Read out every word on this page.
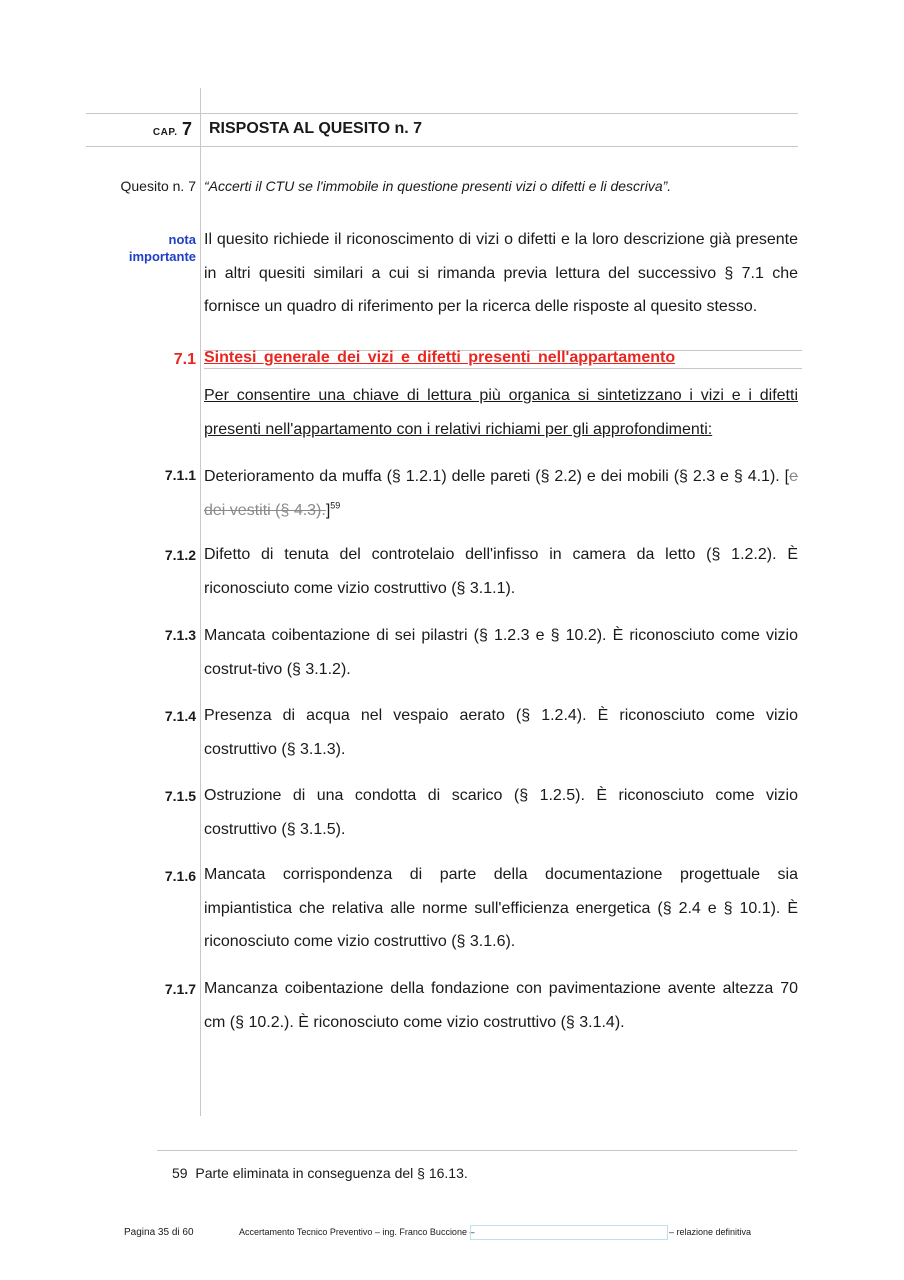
CAP. 7 RISPOSTA AL QUESITO n. 7
Quesito n. 7 “Accerti il CTU se l'immobile in questione presenti vizi o difetti e li descriva”.
nota
importante
Il quesito richiede il riconoscimento di vizi o difetti e la loro descrizione già presente in altri quesiti similari a cui si rimanda previa lettura del successivo § 7.1 che fornisce un quadro di riferimento per la ricerca delle risposte al quesito stesso.
7.1 Sintesi generale dei vizi e difetti presenti nell'appartamento
Per consentire una chiave di lettura più organica si sintetizzano i vizi e i difetti presenti nell'appartamento con i relativi richiami per gli approfondimenti:
7.1.1 Deterioramento da muffa (§ 1.2.1) delle pareti (§ 2.2) e dei mobili (§ 2.3 e § 4.1). [e dei vestiti (§ 4.3).]$^{59}$
7.1.2 Difetto di tenuta del controtelaio dell'infisso in camera da letto (§ 1.2.2). È riconosciuto come vizio costruttivo (§ 3.1.1).
7.1.3 Mancata coibentazione di sei pilastri (§ 1.2.3 e § 10.2). È riconosciuto come vizio costrut-tivo (§ 3.1.2).
7.1.4 Presenza di acqua nel vespaio aerato (§ 1.2.4). È riconosciuto come vizio costruttivo (§ 3.1.3).
7.1.5 Ostruzione di una condotta di scarico (§ 1.2.5). È riconosciuto come vizio costruttivo (§ 3.1.5).
7.1.6 Mancata corrispondenza di parte della documentazione progettuale sia impiantistica che relativa alle norme sull'efficienza energetica (§ 2.4 e § 10.1). È riconosciuto come vizio costruttivo (§ 3.1.6).
7.1.7 Mancanza coibentazione della fondazione con pavimentazione avente altezza 70 cm (§ 10.2.). È riconosciuto come vizio costruttivo (§ 3.1.4).
59 Parte eliminata in conseguenza del § 16.13.
Pagina 35 di 60	Accertamento Tecnico Preventivo – ing. Franco Buccione –	– relazione definitiva
